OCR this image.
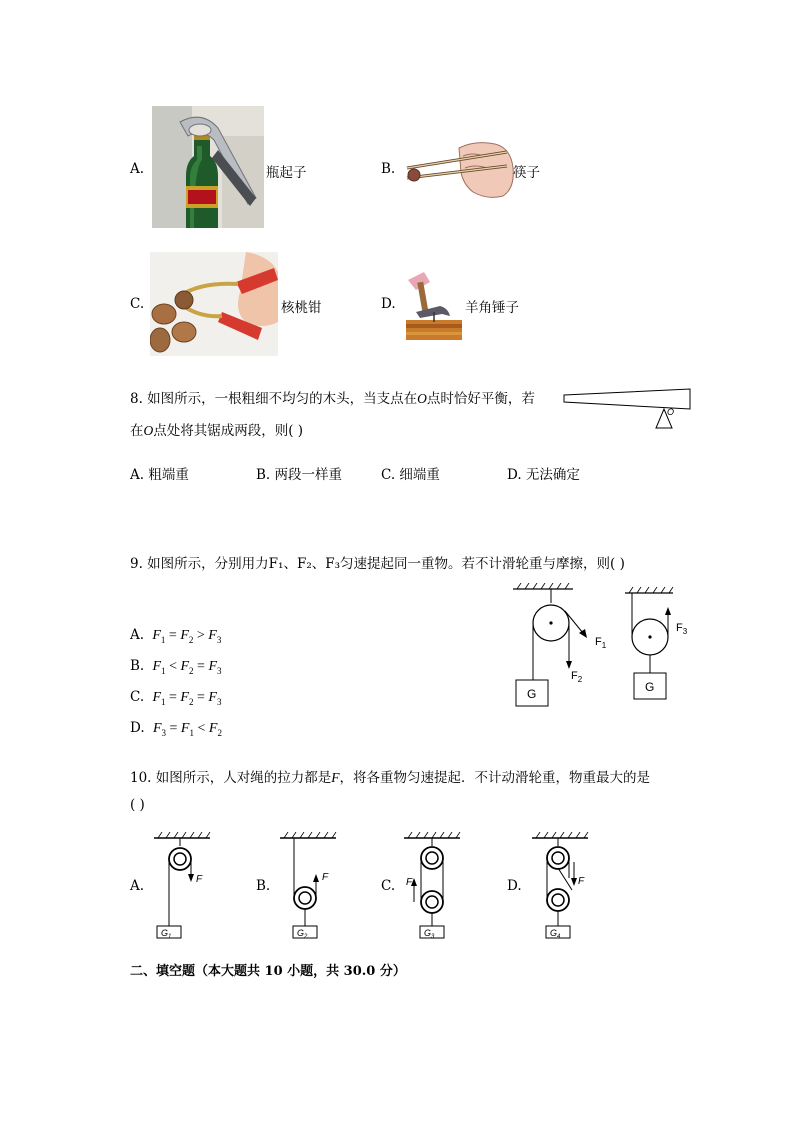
A.	瓶起子	B.	筷子
C.	核桃钳	D.	羊角锤子
8. 如图所示，一根粗细不均匀的木头，当支点在O点时恰好平衡，若
在O点处将其锯成两段，则( )
O
A. 粗端重	B. 两段一样重	C. 细端重	D. 无法确定
9. 如图所示，分别用力F₁、F₂、F₃匀速提起同一重物。若不计滑轮重与摩擦，则( )
A. $F_1 = F_2 > F_3$
B. $F_1 < F_2 = F_3$
C. $F_1 = F_2 = F_3$
D. $F_3 = F_1 < F_2$
G
$F_2$
$F_1$
G
$F_3$
10. 如图所示，人对绳的拉力都是F，将各重物匀速提起．不计动滑轮重，物重最大的是
( )
A.	F
$G_1$
B.
F
$G_2$
C. F
$G_3$
D.	F
$G_4$
二、填空题（本大题共 10 小题，共 30.0 分）
